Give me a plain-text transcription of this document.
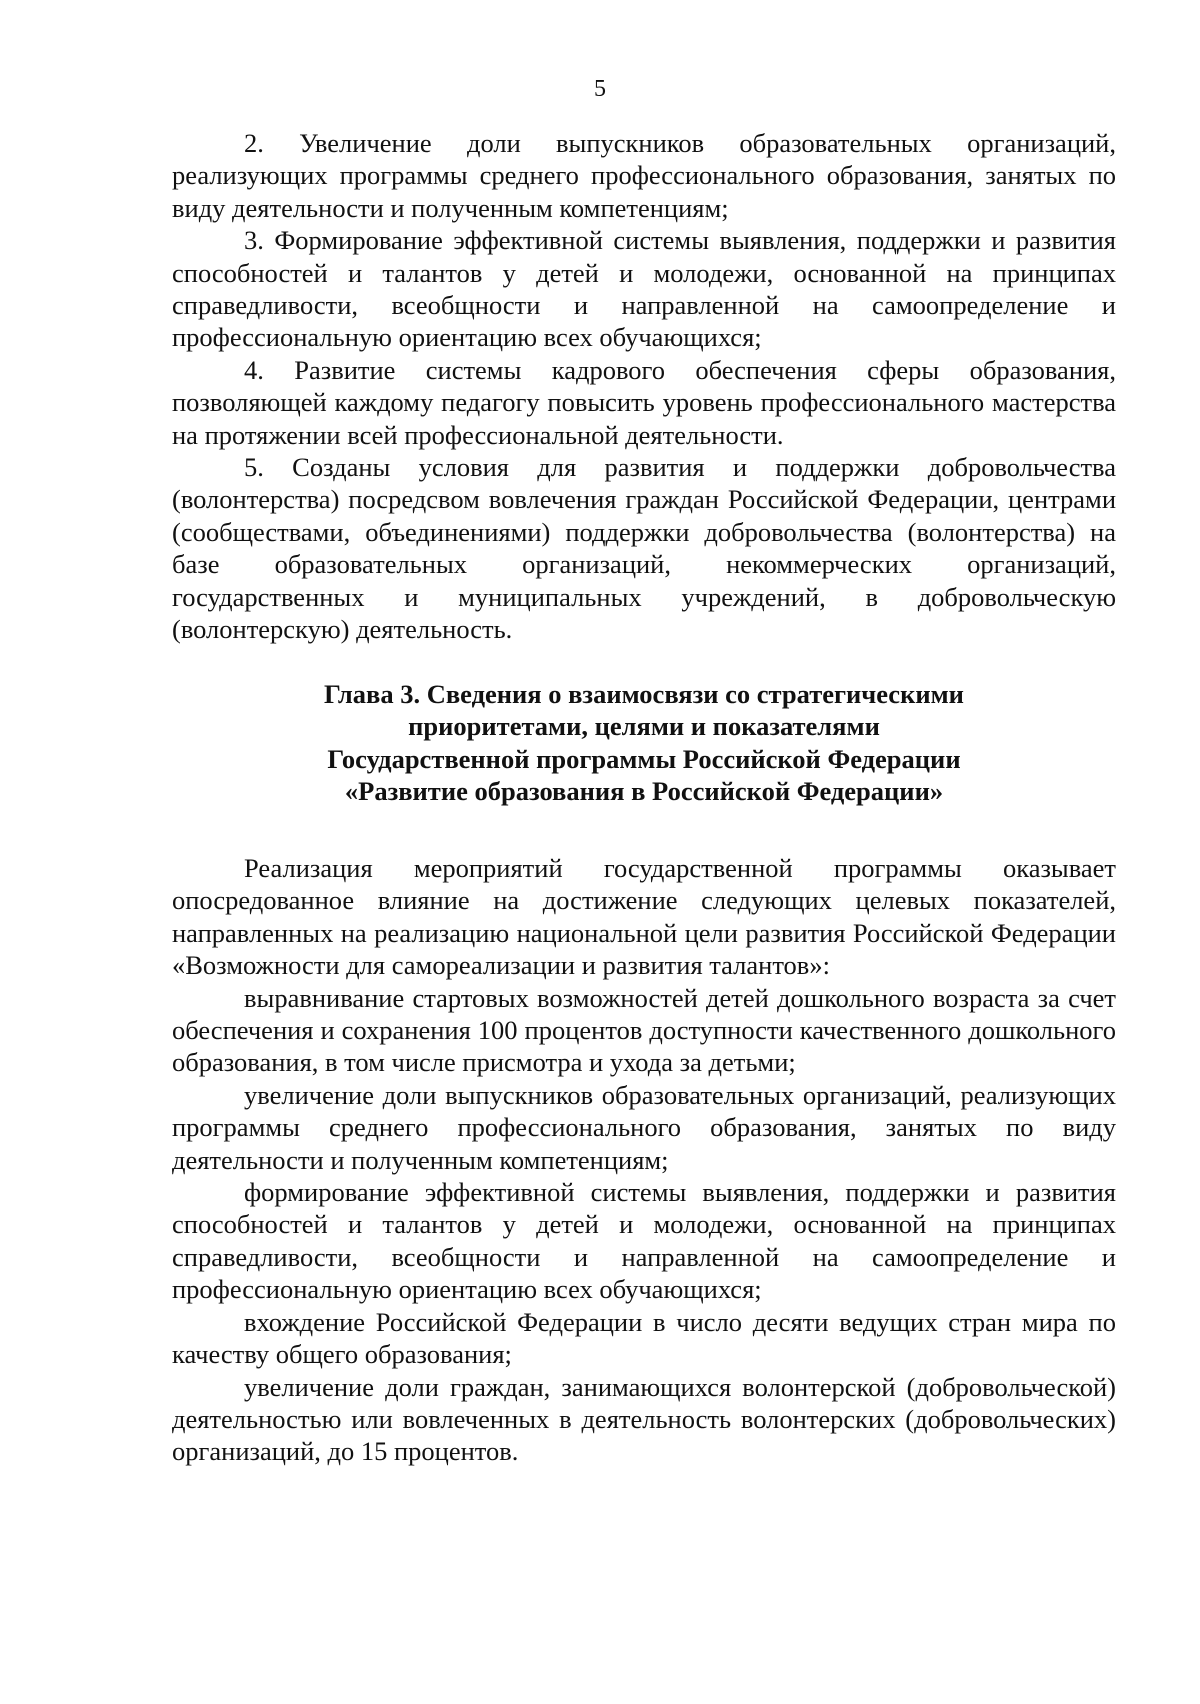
5

2. Увеличение доли выпускников образовательных организаций, реализующих программы среднего профессионального образования, занятых по виду деятельности и полученным компетенциям;

3. Формирование эффективной системы выявления, поддержки и развития способностей и талантов у детей и молодежи, основанной на принципах справедливости, всеобщности и направленной на самоопределение и профессиональную ориентацию всех обучающихся;

4. Развитие системы кадрового обеспечения сферы образования, позволяющей каждому педагогу повысить уровень профессионального мастерства на протяжении всей профессиональной деятельности.

5. Созданы условия для развития и поддержки добровольчества (волонтерства) посредсвом вовлечения граждан Российской Федерации, центрами (сообществами, объединениями) поддержки добровольчества (волонтерства) на базе образовательных организаций, некоммерческих организаций, государственных и муниципальных учреждений, в добровольческую (волонтерскую) деятельность.

Глава 3. Сведения о взаимосвязи со стратегическими
приоритетами, целями и показателями
Государственной программы Российской Федерации
«Развитие образования в Российской Федерации»

Реализация мероприятий государственной программы оказывает опосредованное влияние на достижение следующих целевых показателей, направленных на реализацию национальной цели развития Российской Федерации «Возможности для самореализации и развития талантов»:

выравнивание стартовых возможностей детей дошкольного возраста за счет обеспечения и сохранения 100 процентов доступности качественного дошкольного образования, в том числе присмотра и ухода за детьми;

увеличение доли выпускников образовательных организаций, реализующих программы среднего профессионального образования, занятых по виду деятельности и полученным компетенциям;

формирование эффективной системы выявления, поддержки и развития способностей и талантов у детей и молодежи, основанной на принципах справедливости, всеобщности и направленной на самоопределение и профессиональную ориентацию всех обучающихся;

вхождение Российской Федерации в число десяти ведущих стран мира по качеству общего образования;

увеличение доли граждан, занимающихся волонтерской (добровольческой) деятельностью или вовлеченных в деятельность волонтерских (добровольческих) организаций, до 15 процентов.
